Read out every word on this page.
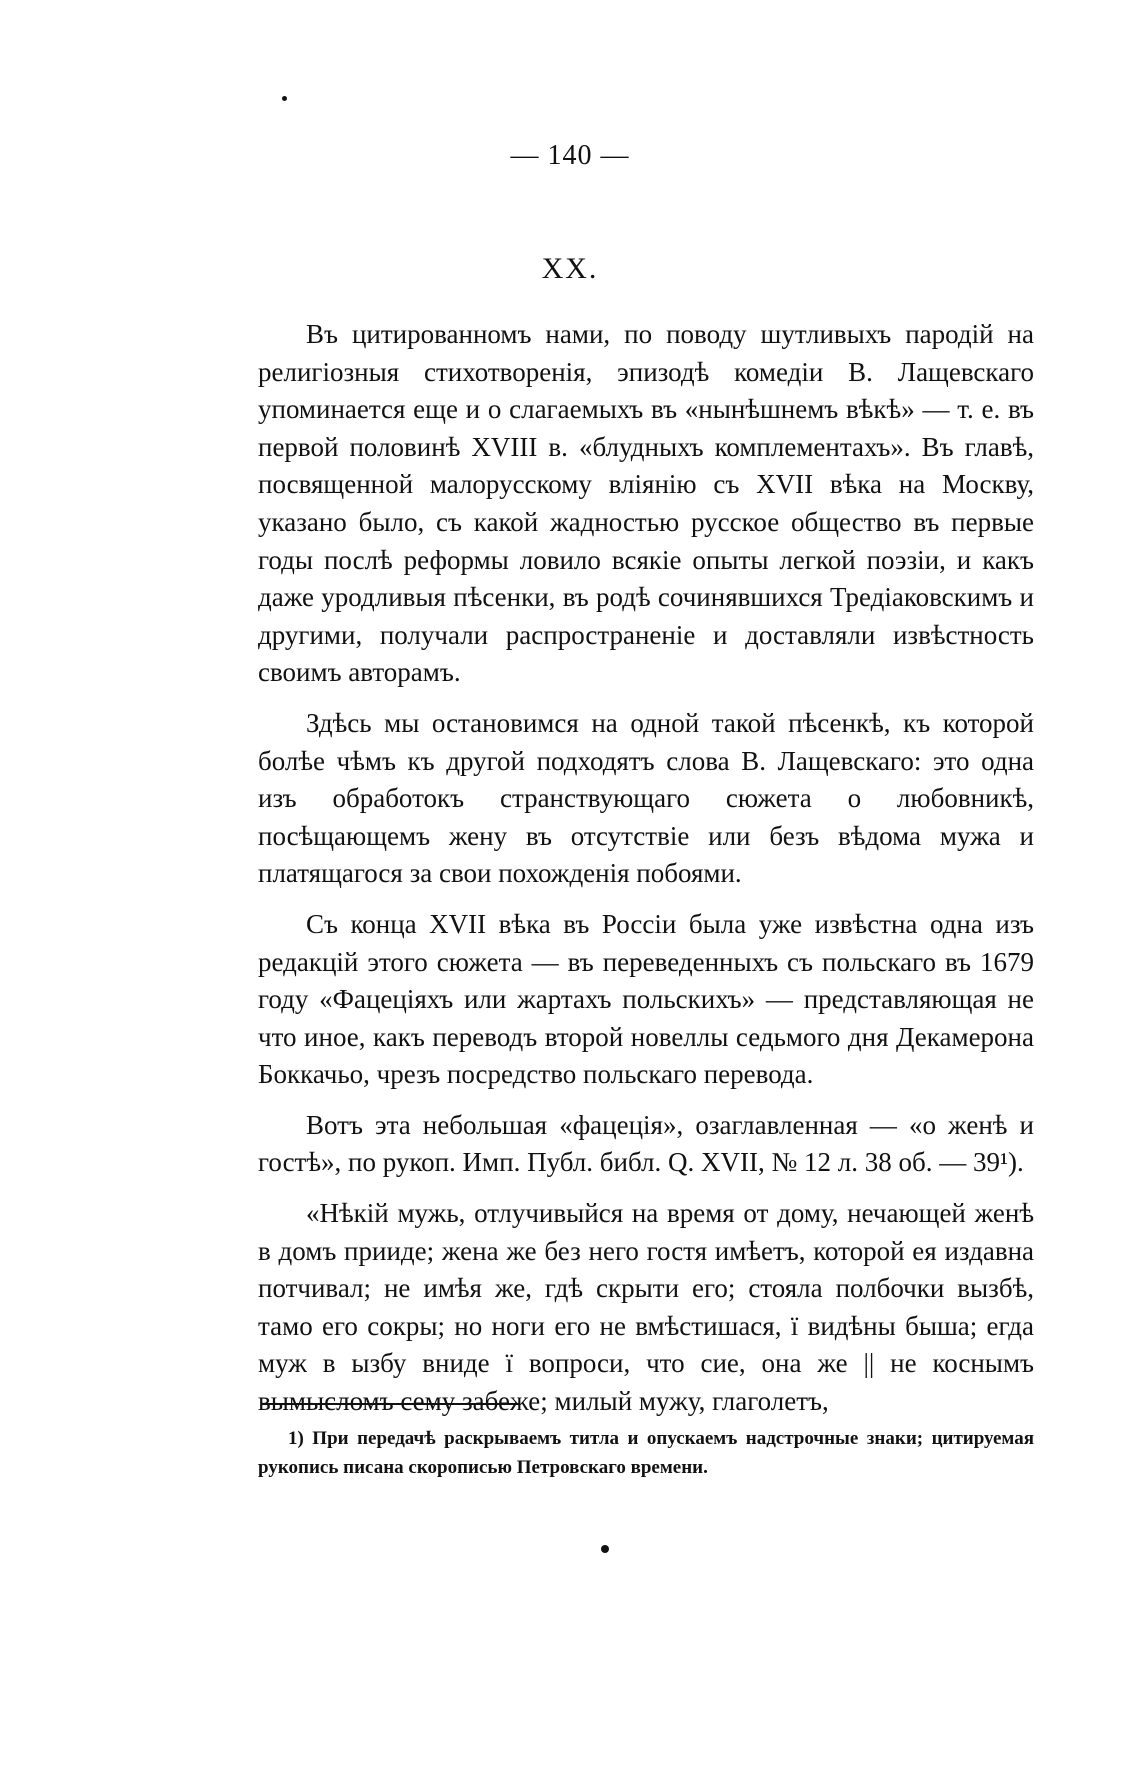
— 140 —
XX.

Въ цитированномъ нами, по поводу шутливыхъ пародій на религіозныя стихотворенія, эпизодѣ комедіи В. Лащевскаго упоминается еще и о слагаемыхъ въ «нынѣшнемъ вѣкѣ» — т. е. въ первой половинѣ XVIII в. «блудныхъ комплементахъ». Въ главѣ, посвященной малорусскому вліянію съ XVII вѣка на Москву, указано было, съ какой жадностью русское общество въ первые годы послѣ реформы ловило всякіе опыты легкой поэзіи, и какъ даже уродливыя пѣсенки, въ родѣ сочинявшихся Тредіаковскимъ и другими, получали распространеніе и доставляли извѣстность своимъ авторамъ.

Здѣсь мы остановимся на одной такой пѣсенкѣ, къ которой болѣе чѣмъ къ другой подходятъ слова В. Лащевскаго: это одна изъ обработокъ странствующаго сюжета о любовникѣ, посѣщающемъ жену въ отсутствіе или безъ вѣдома мужа и платящагося за свои похожденія побоями.

Съ конца XVII вѣка въ Россіи была уже извѣстна одна изъ редакцій этого сюжета — въ переведенныхъ съ польскаго въ 1679 году «Фацеціяхъ или жартахъ польскихъ» — представляющая не что иное, какъ переводъ второй новеллы седьмого дня Декамерона Боккачьо, чрезъ посредство польскаго перевода.

Вотъ эта небольшая «фацеція», озаглавленная — «о женѣ и гостѣ», по рукоп. Имп. Публ. библ. Q. XVII, № 12 л. 38 об. — 39¹).

«Нѣкій мужь, отлучивыйся на время от дому, нечающей женѣ в домъ прииде; жена же без него гостя имѣетъ, которой ея издавна потчивал; не имѣя же, гдѣ скрыти его; стояла полбочки вызбѣ, тамо его сокры; но ноги его не вмѣстишася, ї видѣны быша; егда муж в ызбу вниде ї вопроси, что сие, она же || не коснымъ вымысломъ сему забеже; милый мужу, глаголетъ,

1) При передачѣ раскрываемъ титла и опускаемъ надстрочные знаки; цитируемая рукопись писана скорописью Петровскаго времени.
